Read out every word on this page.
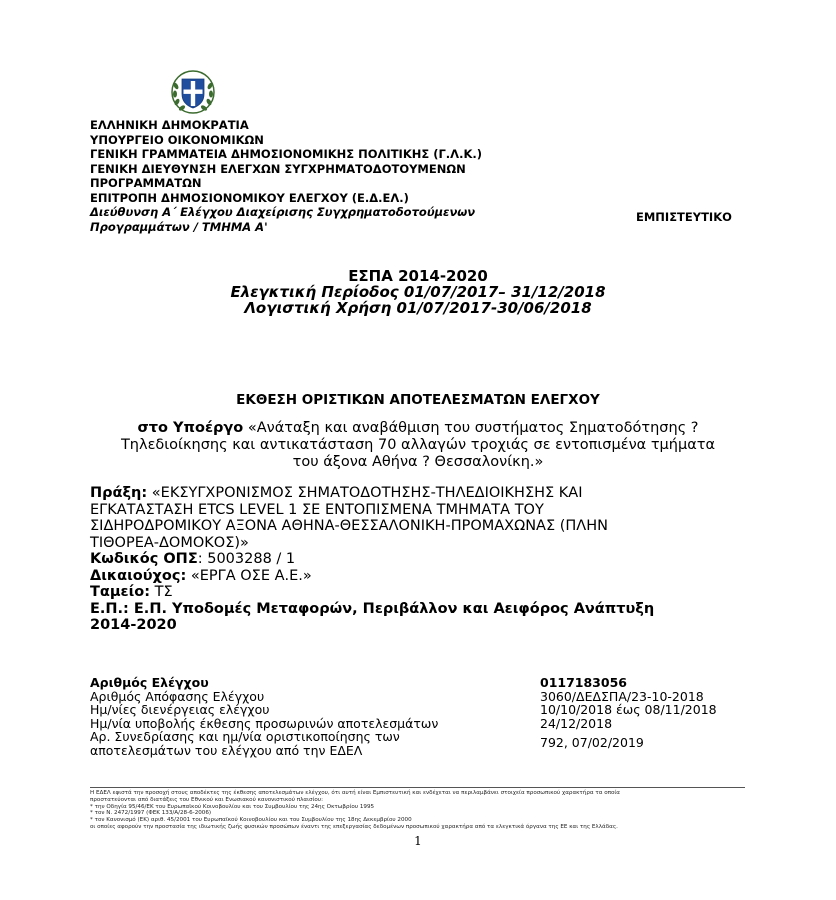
ΕΛΛΗΝΙΚΗ ΔΗΜΟΚΡΑΤΙΑ
ΥΠΟΥΡΓΕΙΟ ΟΙΚΟΝΟΜΙΚΩΝ
ΓΕΝΙΚΗ ΓΡΑΜΜΑΤΕΙΑ ΔΗΜΟΣΙΟΝΟΜΙΚΗΣ ΠΟΛΙΤΙΚΗΣ (Γ.Λ.Κ.)
ΓΕΝΙΚΗ ΔΙΕΥΘΥΝΣΗ ΕΛΕΓΧΩΝ ΣΥΓΧΡΗΜΑΤΟΔΟΤΟΥΜΕΝΩΝ
ΠΡΟΓΡΑΜΜΑΤΩΝ
ΕΠΙΤΡΟΠΗ ΔΗΜΟΣΙΟΝΟΜΙΚΟΥ ΕΛΕΓΧΟΥ (Ε.Δ.ΕΛ.)
Διεύθυνση Α΄ Ελέγχου Διαχείρισης Συγχρηματοδοτούμενων
Προγραμμάτων / ΤΜΗΜΑ Α'
ΕΜΠΙΣΤΕΥΤΙΚΟ
ΕΣΠΑ 2014-2020
Ελεγκτική Περίοδος 01/07/2017– 31/12/2018
Λογιστική Χρήση 01/07/2017-30/06/2018
ΕΚΘΕΣΗ ΟΡΙΣΤΙΚΩΝ ΑΠΟΤΕΛΕΣΜΑΤΩΝ ΕΛΕΓΧΟΥ
στο Υποέργο «Ανάταξη και αναβάθμιση του συστήματος Σηματοδότησης ?
Τηλεδιοίκησης και αντικατάσταση 70 αλλαγών τροχιάς σε εντοπισμένα τμήματα
του άξονα Αθήνα ? Θεσσαλονίκη.»
Πράξη: «ΕΚΣΥΓΧΡΟΝΙΣΜΟΣ ΣΗΜΑΤΟΔΟΤΗΣΗΣ-ΤΗΛΕΔΙΟΙΚΗΣΗΣ ΚΑΙ
ΕΓΚΑΤΑΣΤΑΣΗ ETCS LEVEL 1 ΣΕ ΕΝΤΟΠΙΣΜΕΝΑ ΤΜΗΜΑΤΑ ΤΟΥ
ΣΙΔΗΡΟΔΡΟΜΙΚΟΥ ΑΞΟΝΑ ΑΘΗΝΑ-ΘΕΣΣΑΛΟΝΙΚΗ-ΠΡΟΜΑΧΩΝΑΣ (ΠΛΗΝ
ΤΙΘΟΡΕΑ-ΔΟΜΟΚΟΣ)»
Κωδικός ΟΠΣ: 5003288 / 1
Δικαιούχος: «ΕΡΓΑ ΟΣΕ Α.Ε.»
Ταμείο: ΤΣ
Ε.Π.: Ε.Π. Υποδομές Μεταφορών, Περιβάλλον και Αειφόρος Ανάπτυξη
2014-2020
Αριθμός Ελέγχου
Αριθμός Απόφασης Ελέγχου
Ημ/νίες διενέργειας ελέγχου
Ημ/νία υποβολής έκθεσης προσωρινών αποτελεσμάτων
Αρ. Συνεδρίασης και ημ/νία οριστικοποίησης των
αποτελεσμάτων του ελέγχου από την ΕΔΕΛ
0117183056
3060/ΔΕΔΣΠΑ/23-10-2018
10/10/2018 έως 08/11/2018
24/12/2018
792, 07/02/2019
Η ΕΔΕΛ εφιστά την προσοχή στους αποδέκτες της έκθεσης αποτελεσμάτων ελέγχου, ότι αυτή είναι Εμπιστευτική και ενδέχεται να περιλαμβάνει στοιχεία προσωπικού χαρακτήρα τα οποία
προστατεύονται από διατάξεις του Εθνικού και Ενωσιακού κανονιστικού πλαισίου:
* την Οδηγία 95/46/ΕΚ του Ευρωπαϊκού Κοινοβουλίου και του Συμβουλίου της 24ης Οκτωβρίου 1995
* τον Ν. 2472/1997 (ΦΕΚ 133/Α/28-6-2006)
* τον Κανονισμό (ΕΚ) αριθ. 45/2001 του Ευρωπαϊκού Κοινοβουλίου και του Συμβουλίου της 18ης Δεκεμβρίου 2000
οι οποίες αφορούν την προστασία της ιδιωτικής ζωής φυσικών προσώπων έναντι της επεξεργασίας δεδομένων προσωπικού χαρακτήρα από τα ελεγκτικά όργανα της ΕΕ και της Ελλάδας.
1
